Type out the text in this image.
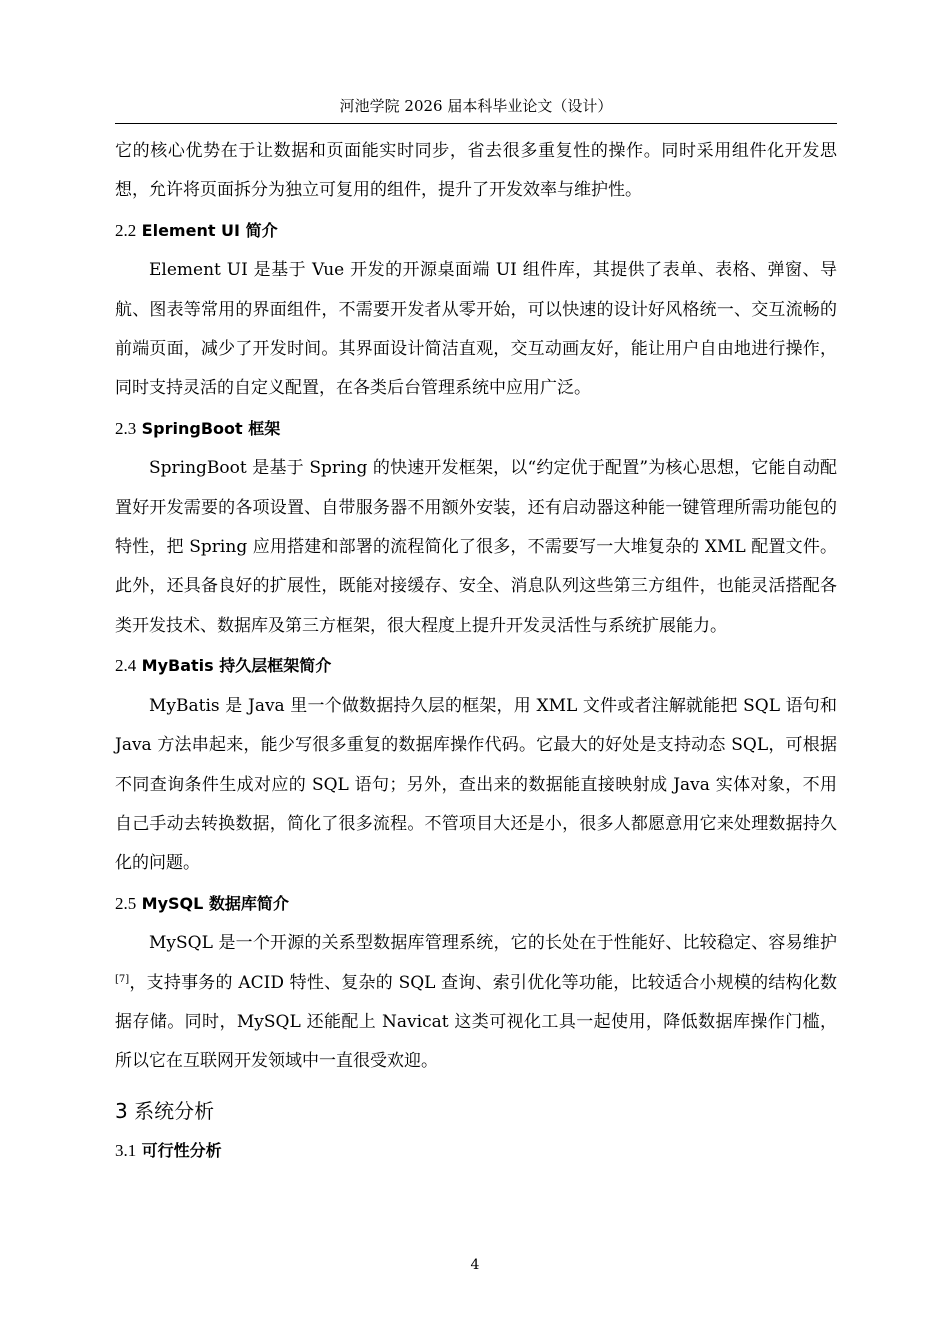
河池学院 2026 届本科毕业论文（设计）

它的核心优势在于让数据和页面能实时同步，省去很多重复性的操作。同时采用组件化开发思想，允许将页面拆分为独立可复用的组件，提升了开发效率与维护性。

2.2 Element UI 简介

Element UI 是基于 Vue 开发的开源桌面端 UI 组件库，其提供了表单、表格、弹窗、导航、图表等常用的界面组件，不需要开发者从零开始，可以快速的设计好风格统一、交互流畅的前端页面，减少了开发时间。其界面设计简洁直观，交互动画友好，能让用户自由地进行操作，同时支持灵活的自定义配置，在各类后台管理系统中应用广泛。

2.3 SpringBoot 框架

SpringBoot 是基于 Spring 的快速开发框架，以“约定优于配置”为核心思想，它能自动配置好开发需要的各项设置、自带服务器不用额外安装，还有启动器这种能一键管理所需功能包的特性，把 Spring 应用搭建和部署的流程简化了很多，不需要写一大堆复杂的 XML 配置文件。此外，还具备良好的扩展性，既能对接缓存、安全、消息队列这些第三方组件，也能灵活搭配各类开发技术、数据库及第三方框架，很大程度上提升开发灵活性与系统扩展能力。

2.4 MyBatis 持久层框架简介

MyBatis 是 Java 里一个做数据持久层的框架，用 XML 文件或者注解就能把 SQL 语句和 Java 方法串起来，能少写很多重复的数据库操作代码。它最大的好处是支持动态 SQL，可根据不同查询条件生成对应的 SQL 语句；另外，查出来的数据能直接映射成 Java 实体对象，不用自己手动去转换数据，简化了很多流程。不管项目大还是小，很多人都愿意用它来处理数据持久化的问题。

2.5 MySQL 数据库简介

MySQL 是一个开源的关系型数据库管理系统，它的长处在于性能好、比较稳定、容易维护[7]，支持事务的 ACID 特性、复杂的 SQL 查询、索引优化等功能，比较适合小规模的结构化数据存储。同时，MySQL 还能配上 Navicat 这类可视化工具一起使用，降低数据库操作门槛，所以它在互联网开发领域中一直很受欢迎。

3 系统分析

3.1 可行性分析

4
